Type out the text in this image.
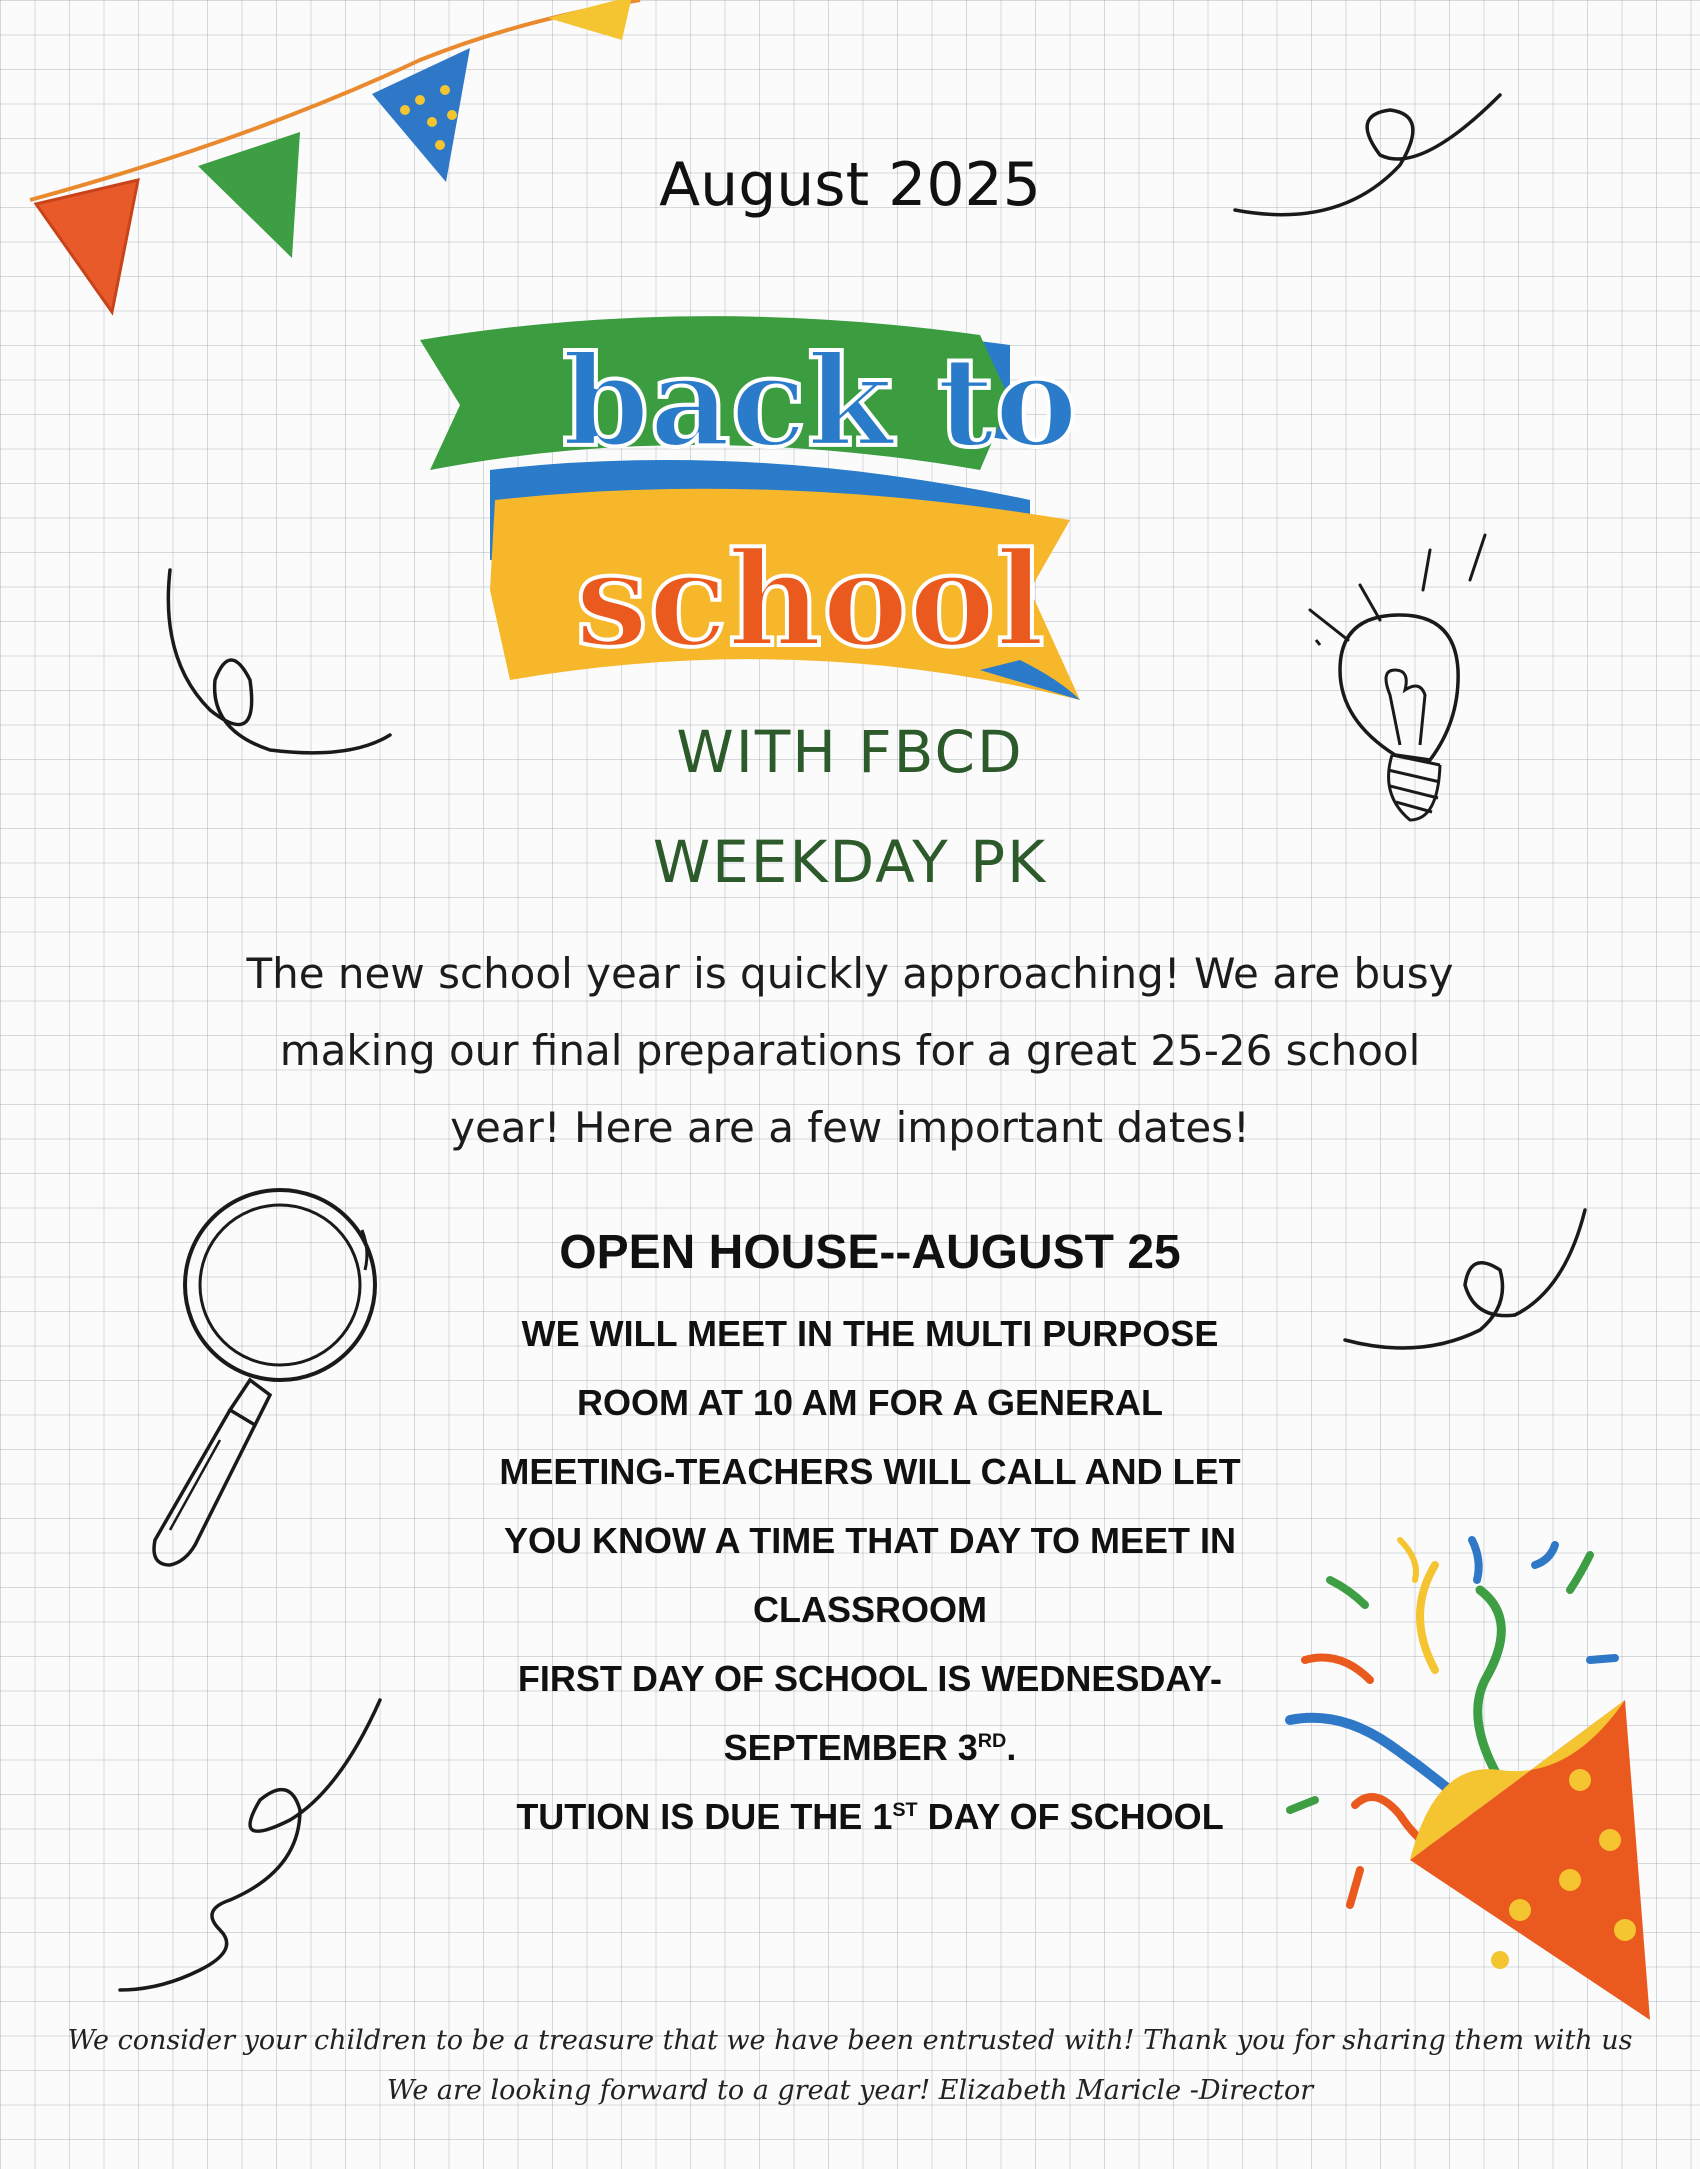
August 2025
back to
school
WITH FBCD
WEEKDAY PK
The new school year is quickly approaching! We are busy
making our final preparations for a great 25-26 school
year! Here are a few important dates!
OPEN HOUSE--AUGUST 25
WE WILL MEET IN THE MULTI PURPOSE
ROOM AT 10 AM FOR A GENERAL
MEETING-TEACHERS WILL CALL AND LET
YOU KNOW A TIME THAT DAY TO MEET IN
CLASSROOM
FIRST DAY OF SCHOOL IS WEDNESDAY-
SEPTEMBER 3RD.
TUTION IS DUE THE 1ST DAY OF SCHOOL
We consider your children to be a treasure that we have been entrusted with! Thank you for sharing them with us
We are looking forward to a great year! Elizabeth Maricle -Director
